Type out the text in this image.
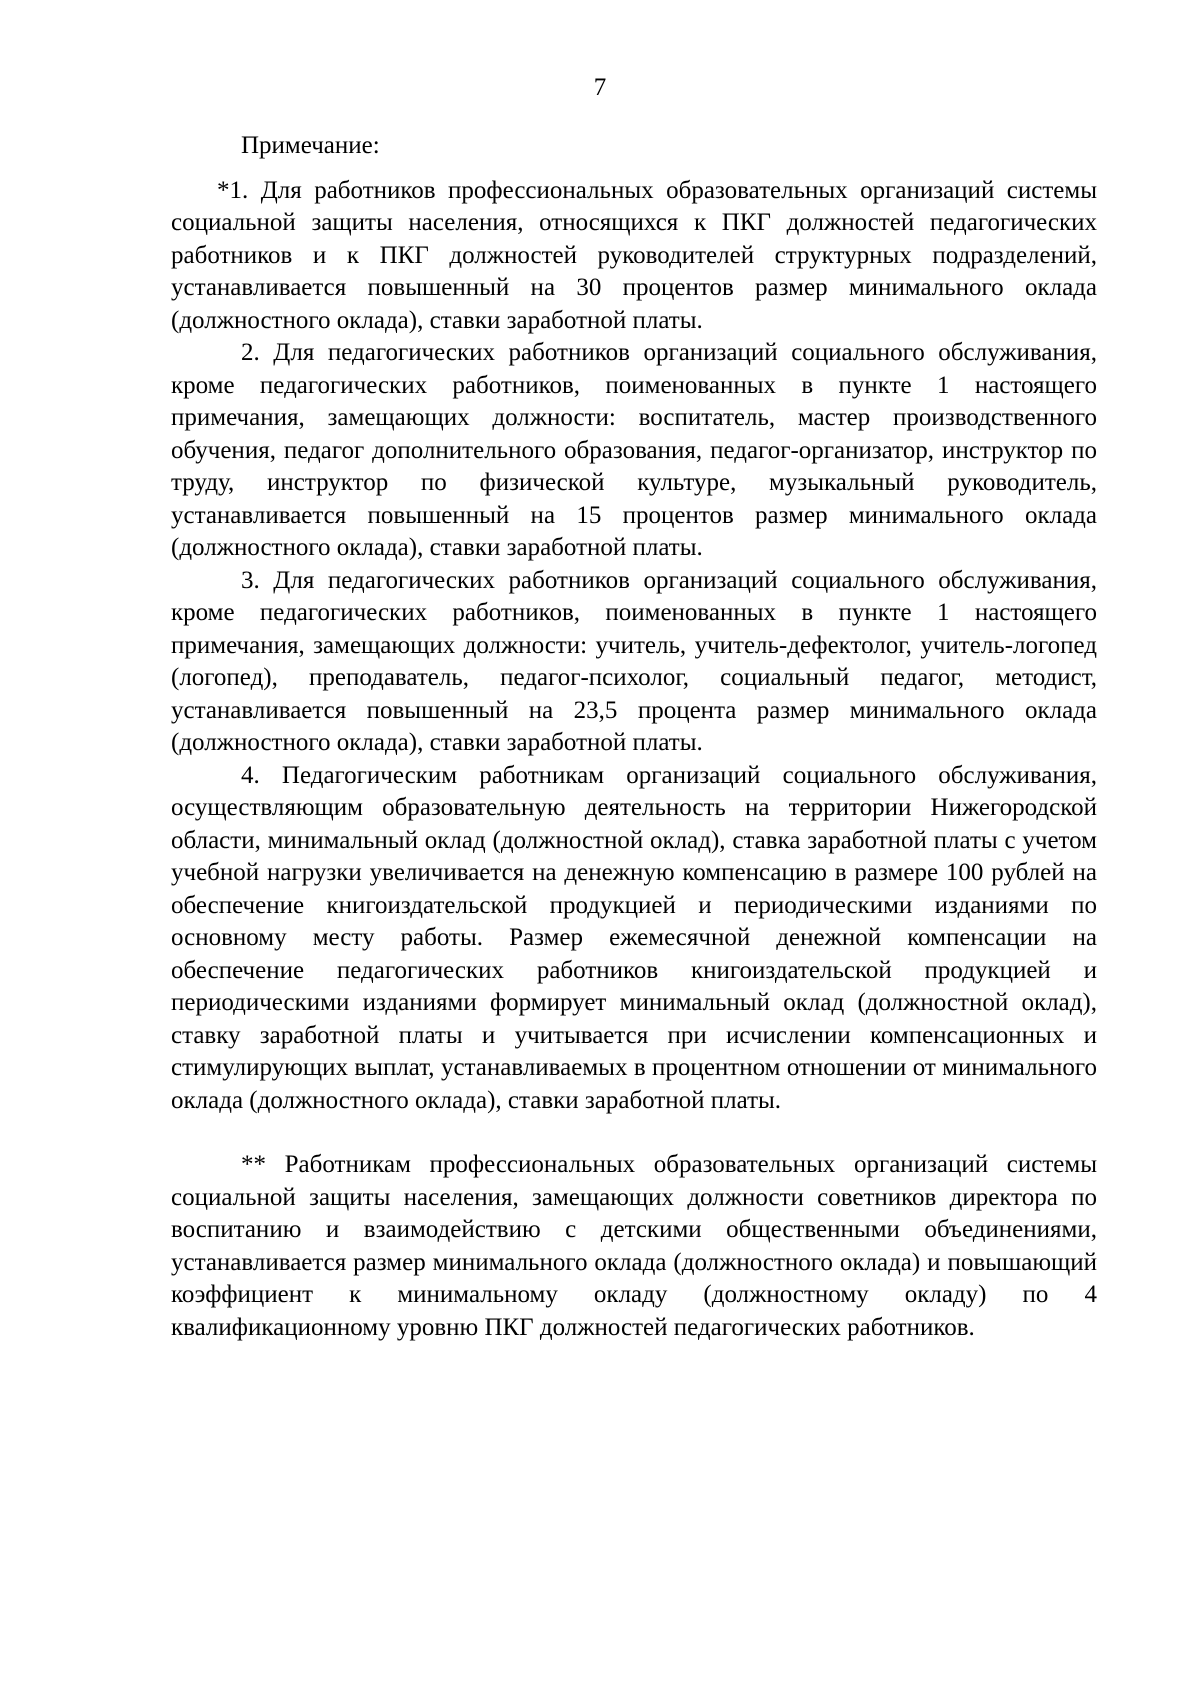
7

Примечание:

*1. Для работников профессиональных образовательных организаций системы социальной защиты населения, относящихся к ПКГ должностей педагогических работников и к ПКГ должностей руководителей структурных подразделений, устанавливается повышенный на 30 процентов размер минимального оклада (должностного оклада), ставки заработной платы.

2. Для педагогических работников организаций социального обслуживания, кроме педагогических работников, поименованных в пункте 1 настоящего примечания, замещающих должности: воспитатель, мастер производственного обучения, педагог дополнительного образования, педагог-организатор, инструктор по труду, инструктор по физической культуре, музыкальный руководитель, устанавливается повышенный на 15 процентов размер минимального оклада (должностного оклада), ставки заработной платы.

3. Для педагогических работников организаций социального обслуживания, кроме педагогических работников, поименованных в пункте 1 настоящего примечания, замещающих должности: учитель, учитель-дефектолог, учитель-логопед (логопед), преподаватель, педагог-психолог, социальный педагог, методист, устанавливается повышенный на 23,5 процента размер минимального оклада (должностного оклада), ставки заработной платы.

4. Педагогическим работникам организаций социального обслуживания, осуществляющим образовательную деятельность на территории Нижегородской области, минимальный оклад (должностной оклад), ставка заработной платы с учетом учебной нагрузки увеличивается на денежную компенсацию в размере 100 рублей на обеспечение книгоиздательской продукцией и периодическими изданиями по основному месту работы. Размер ежемесячной денежной компенсации на обеспечение педагогических работников книгоиздательской продукцией и периодическими изданиями формирует минимальный оклад (должностной оклад), ставку заработной платы и учитывается при исчислении компенсационных и стимулирующих выплат, устанавливаемых в процентном отношении от минимального оклада (должностного оклада), ставки заработной платы.

** Работникам профессиональных образовательных организаций системы социальной защиты населения, замещающих должности советников директора по воспитанию и взаимодействию с детскими общественными объединениями, устанавливается размер минимального оклада (должностного оклада) и повышающий коэффициент к минимальному окладу (должностному окладу) по 4 квалификационному уровню ПКГ должностей педагогических работников.
